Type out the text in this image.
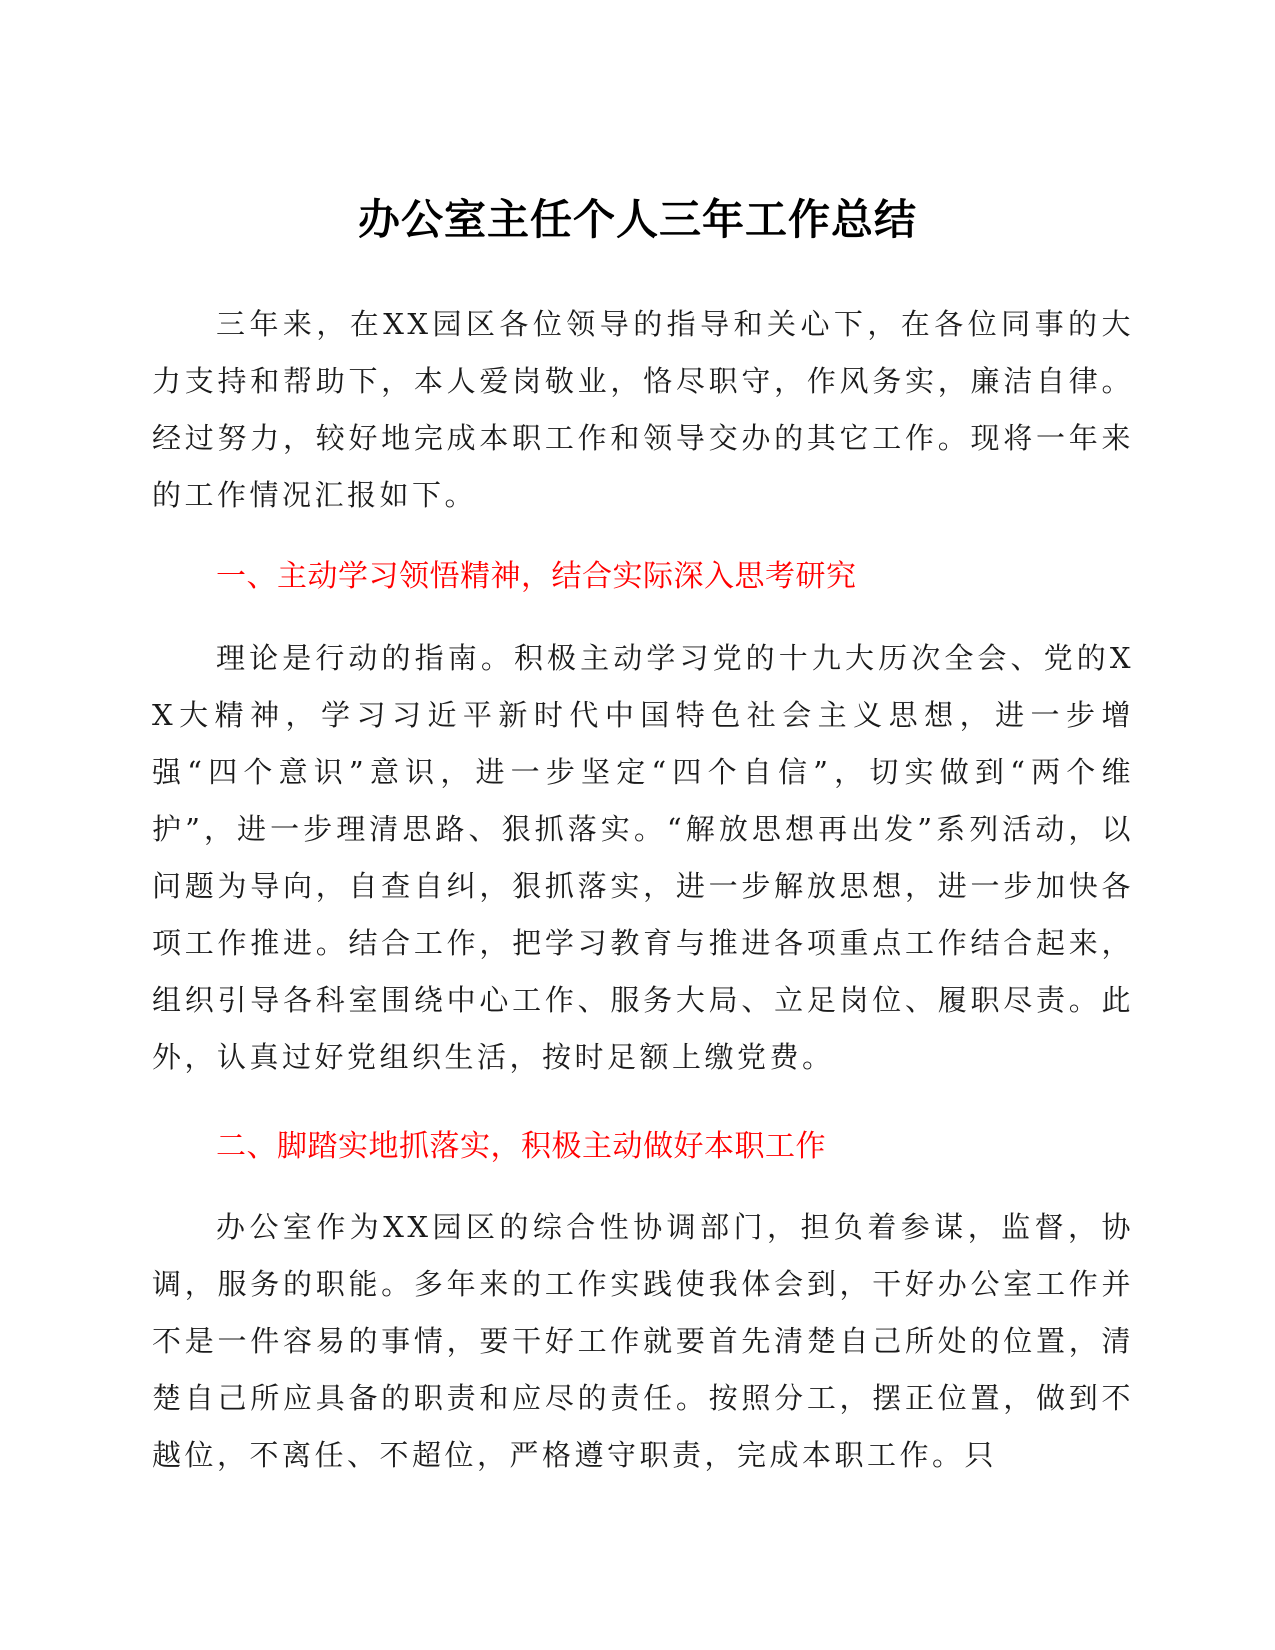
办公室主任个人三年工作总结

三年来，在XX园区各位领导的指导和关心下，在各位同事的大力支持和帮助下，本人爱岗敬业，恪尽职守，作风务实，廉洁自律。经过努力，较好地完成本职工作和领导交办的其它工作。现将一年来的工作情况汇报如下。

一、主动学习领悟精神，结合实际深入思考研究

理论是行动的指南。积极主动学习党的十九大历次全会、党的XX大精神，学习习近平新时代中国特色社会主义思想，进一步增强“四个意识”意识，进一步坚定“四个自信”，切实做到“两个维护”，进一步理清思路、狠抓落实。“解放思想再出发”系列活动，以问题为导向，自查自纠，狠抓落实，进一步解放思想，进一步加快各项工作推进。结合工作，把学习教育与推进各项重点工作结合起来，组织引导各科室围绕中心工作、服务大局、立足岗位、履职尽责。此外，认真过好党组织生活，按时足额上缴党费。

二、脚踏实地抓落实，积极主动做好本职工作

办公室作为XX园区的综合性协调部门，担负着参谋，监督，协调，服务的职能。多年来的工作实践使我体会到，干好办公室工作并不是一件容易的事情，要干好工作就要首先清楚自己所处的位置，清楚自己所应具备的职责和应尽的责任。按照分工，摆正位置，做到不越位，不离任、不超位，严格遵守职责，完成本职工作。只
